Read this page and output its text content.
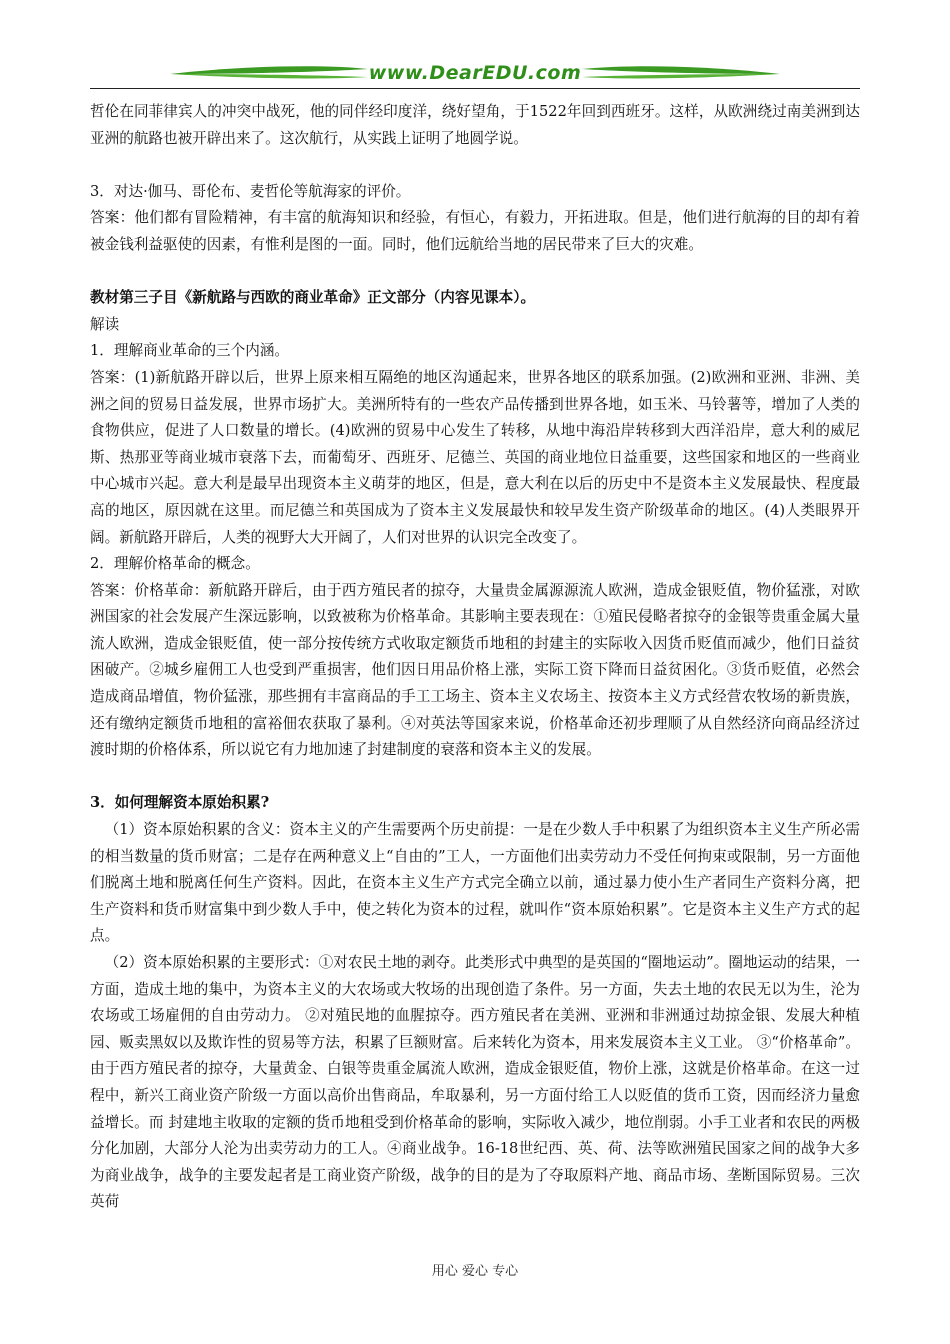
www.DearEDU.com

哲伦在同菲律宾人的冲突中战死，他的同伴经印度洋，绕好望角，于1522年回到西班牙。这样，从欧洲绕过南美洲到达亚洲的航路也被开辟出来了。这次航行，从实践上证明了地圆学说。

3．对达·伽马、哥伦布、麦哲伦等航海家的评价。

答案：他们都有冒险精神，有丰富的航海知识和经验，有恒心，有毅力，开拓进取。但是，他们进行航海的目的却有着被金钱利益驱使的因素，有惟利是图的一面。同时，他们远航给当地的居民带来了巨大的灾难。

教材第三子目《新航路与西欧的商业革命》正文部分（内容见课本）。

解读

1．理解商业革命的三个内涵。

答案：(1)新航路开辟以后，世界上原来相互隔绝的地区沟通起来，世界各地区的联系加强。(2)欧洲和亚洲、非洲、美洲之间的贸易日益发展，世界市场扩大。美洲所特有的一些农产品传播到世界各地，如玉米、马铃薯等，增加了人类的食物供应，促进了人口数量的增长。(4)欧洲的贸易中心发生了转移，从地中海沿岸转移到大西洋沿岸，意大利的威尼斯、热那亚等商业城市衰落下去，而葡萄牙、西班牙、尼德兰、英国的商业地位日益重要，这些国家和地区的一些商业中心城市兴起。意大利是最早出现资本主义萌芽的地区，但是，意大利在以后的历史中不是资本主义发展最快、程度最高的地区，原因就在这里。而尼德兰和英国成为了资本主义发展最快和较早发生资产阶级革命的地区。(4)人类眼界开阔。新航路开辟后，人类的视野大大开阔了，人们对世界的认识完全改变了。

2．理解价格革命的概念。

答案：价格革命：新航路开辟后，由于西方殖民者的掠夺，大量贵金属源源流人欧洲，造成金银贬值，物价猛涨，对欧洲国家的社会发展产生深远影响，以致被称为价格革命。其影响主要表现在：①殖民侵略者掠夺的金银等贵重金属大量流人欧洲，造成金银贬值，使一部分按传统方式收取定额货币地租的封建主的实际收入因货币贬值而减少，他们日益贫困破产。②城乡雇佣工人也受到严重损害，他们因日用品价格上涨，实际工资下降而日益贫困化。③货币贬值，必然会造成商品增值，物价猛涨，那些拥有丰富商品的手工工场主、资本主义农场主、按资本主义方式经营农牧场的新贵族，还有缴纳定额货币地租的富裕佃农获取了暴利。④对英法等国家来说，价格革命还初步理顺了从自然经济向商品经济过渡时期的价格体系，所以说它有力地加速了封建制度的衰落和资本主义的发展。

3．如何理解资本原始积累?

（1）资本原始积累的含义：资本主义的产生需要两个历史前提：一是在少数人手中积累了为组织资本主义生产所必需的相当数量的货币财富；二是存在两种意义上“自由的”工人，一方面他们出卖劳动力不受任何拘束或限制，另一方面他们脱离土地和脱离任何生产资料。因此，在资本主义生产方式完全确立以前，通过暴力使小生产者同生产资料分离，把生产资料和货币财富集中到少数人手中，使之转化为资本的过程，就叫作“资本原始积累”。它是资本主义生产方式的起点。

（2）资本原始积累的主要形式：①对农民土地的剥夺。此类形式中典型的是英国的“圈地运动”。圈地运动的结果，一方面，造成土地的集中，为资本主义的大农场或大牧场的出现创造了条件。另一方面，失去土地的农民无以为生，沦为农场或工场雇佣的自由劳动力。 ②对殖民地的血腥掠夺。西方殖民者在美洲、亚洲和非洲通过劫掠金银、发展大种植园、贩卖黑奴以及欺诈性的贸易等方法，积累了巨额财富。后来转化为资本，用来发展资本主义工业。 ③“价格革命”。由于西方殖民者的掠夺，大量黄金、白银等贵重金属流人欧洲，造成金银贬值，物价上涨，这就是价格革命。在这一过程中，新兴工商业资产阶级一方面以高价出售商品，牟取暴利，另一方面付给工人以贬值的货币工资，因而经济力量愈益增长。而 封建地主收取的定额的货币地租受到价格革命的影响，实际收入减少，地位削弱。小手工业者和农民的两极分化加剧，大部分人沦为出卖劳动力的工人。④商业战争。16-18世纪西、英、荷、法等欧洲殖民国家之间的战争大多为商业战争，战争的主要发起者是工商业资产阶级，战争的目的是为了夺取原料产地、商品市场、垄断国际贸易。三次英荷

用心 爱心 专心
